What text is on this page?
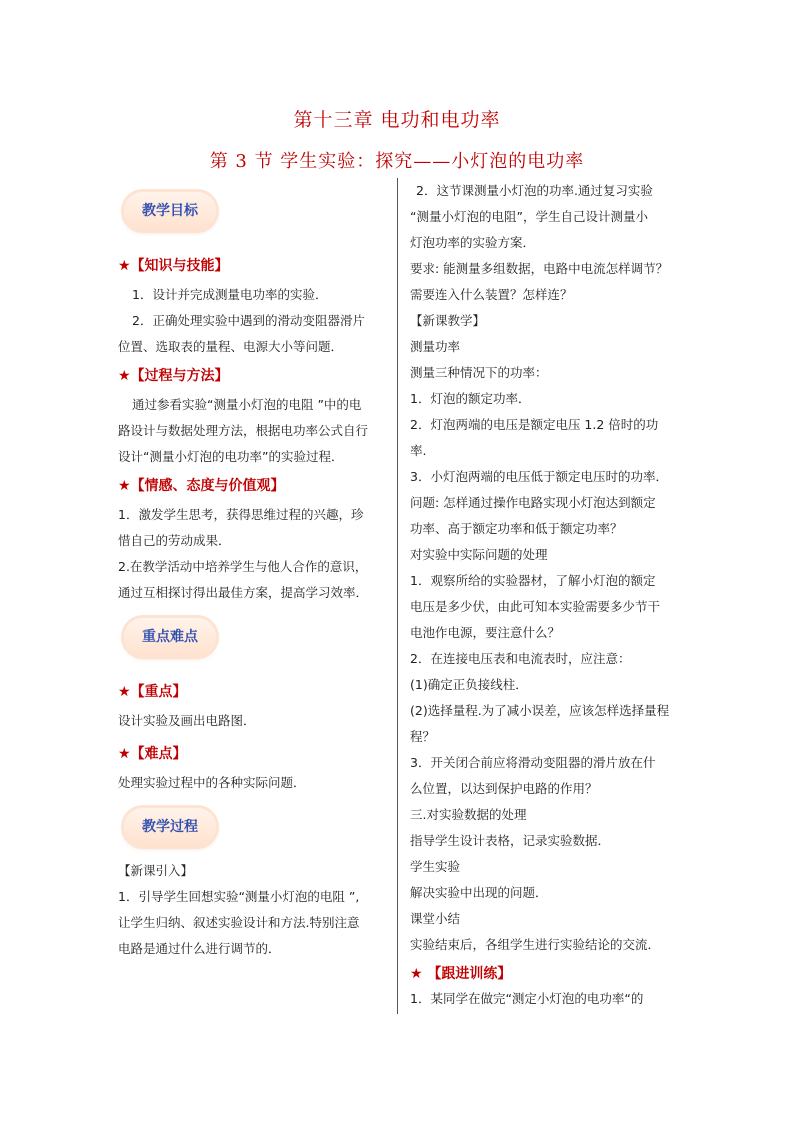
第十三章 电功和电功率
第 3 节 学生实验：探究——小灯泡的电功率
教学目标
★【知识与技能】
1．设计并完成测量电功率的实验．
2．正确处理实验中遇到的滑动变阻器滑片
位置、选取表的量程、电源大小等问题．
★【过程与方法】
通过参看实验“测量小灯泡的电阻 ”中的电
路设计与数据处理方法，根据电功率公式自行
设计“测量小灯泡的电功率”的实验过程．
★【情感、态度与价值观】
1．激发学生思考，获得思维过程的兴趣，珍
惜自己的劳动成果．
2.在教学活动中培养学生与他人合作的意识，
通过互相探讨得出最佳方案，提高学习效率．
重点难点
★【重点】
设计实验及画出电路图．
★【难点】
处理实验过程中的各种实际问题．
教学过程
【新课引入】
1．引导学生回想实验“测量小灯泡的电阻 ”,
让学生归纳、叙述实验设计和方法.特别注意
电路是通过什么进行调节的．
2．这节课测量小灯泡的功率.通过复习实验
“测量小灯泡的电阻”，学生自己设计测量小
灯泡功率的实验方案．
要求: 能测量多组数据，电路中电流怎样调节？
需要连入什么装置？怎样连？
【新课教学】
测量功率
测量三种情况下的功率：
1．灯泡的额定功率．
2．灯泡两端的电压是额定电压 1.2 倍时的功
率.
3．小灯泡两端的电压低于额定电压时的功率．
问题: 怎样通过操作电路实现小灯泡达到额定
功率、高于额定功率和低于额定功率？
对实验中实际问题的处理
1．观察所给的实验器材，了解小灯泡的额定
电压是多少伏，由此可知本实验需要多少节干
电池作电源，要注意什么？
2．在连接电压表和电流表时，应注意：
(1)确定正负接线柱．
(2)选择量程.为了减小误差，应该怎样选择量程
程？
3．开关闭合前应将滑动变阻器的滑片放在什
么位置，以达到保护电路的作用？
三.对实验数据的处理
指导学生设计表格，记录实验数据．
学生实验
解决实验中出现的问题．
课堂小结
实验结束后，各组学生进行实验结论的交流．
★ 【跟进训练】
1．某同学在做完“测定小灯泡的电功率“的
